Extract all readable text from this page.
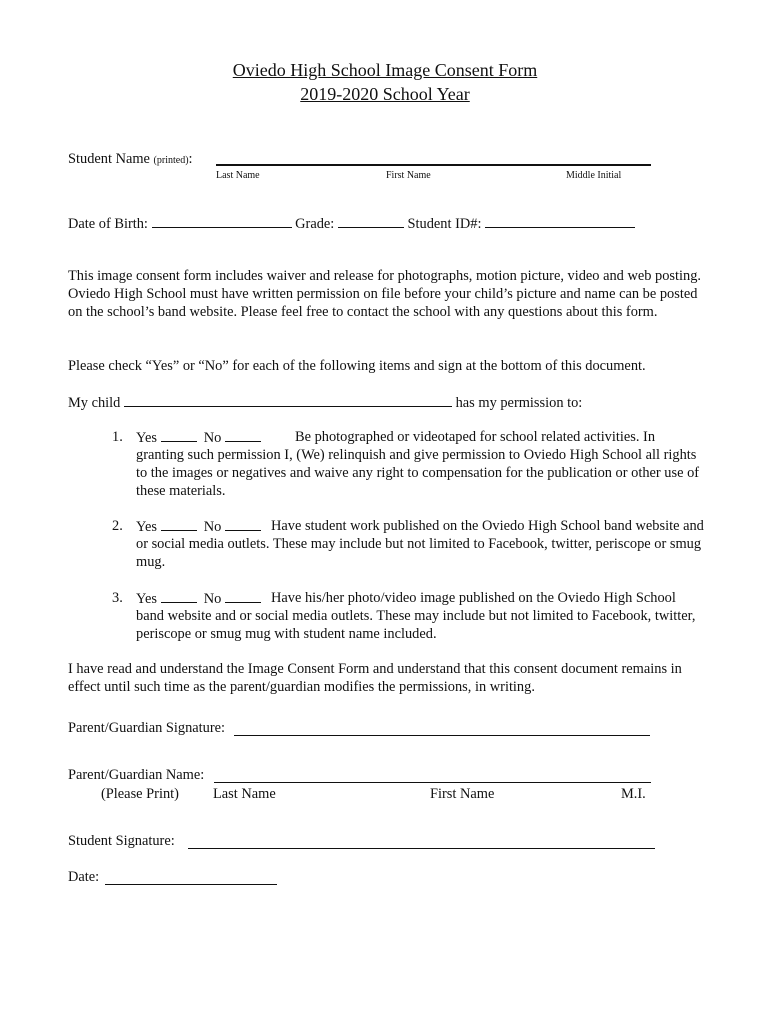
Oviedo High School Image Consent Form
2019-2020 School Year
Student Name (printed):
Last Name	First Name	Middle Initial
Date of Birth:	Grade:	Student ID#:
This image consent form includes waiver and release for photographs, motion picture, video and web posting. Oviedo High School must have written permission on file before your child’s picture and name can be posted on the school’s band website. Please feel free to contact the school with any questions about this form.
Please check “Yes” or “No” for each of the following items and sign at the bottom of this document.
My child	has my permission to:
1. Yes	No	Be photographed or videotaped for school related activities. In granting such permission I, (We) relinquish and give permission to Oviedo High School all rights to the images or negatives and waive any right to compensation for the publication or other use of these materials.
2. Yes	No	Have student work published on the Oviedo High School band website and or social media outlets. These may include but not limited to Facebook, twitter, periscope or smug mug.
3. Yes	No	Have his/her photo/video image published on the Oviedo High School band website and or social media outlets. These may include but not limited to Facebook, twitter, periscope or smug mug with student name included.
I have read and understand the Image Consent Form and understand that this consent document remains in effect until such time as the parent/guardian modifies the permissions, in writing.
Parent/Guardian Signature:
Parent/Guardian Name:
(Please Print) Last Name	First Name	M.I.
Student Signature:
Date:
